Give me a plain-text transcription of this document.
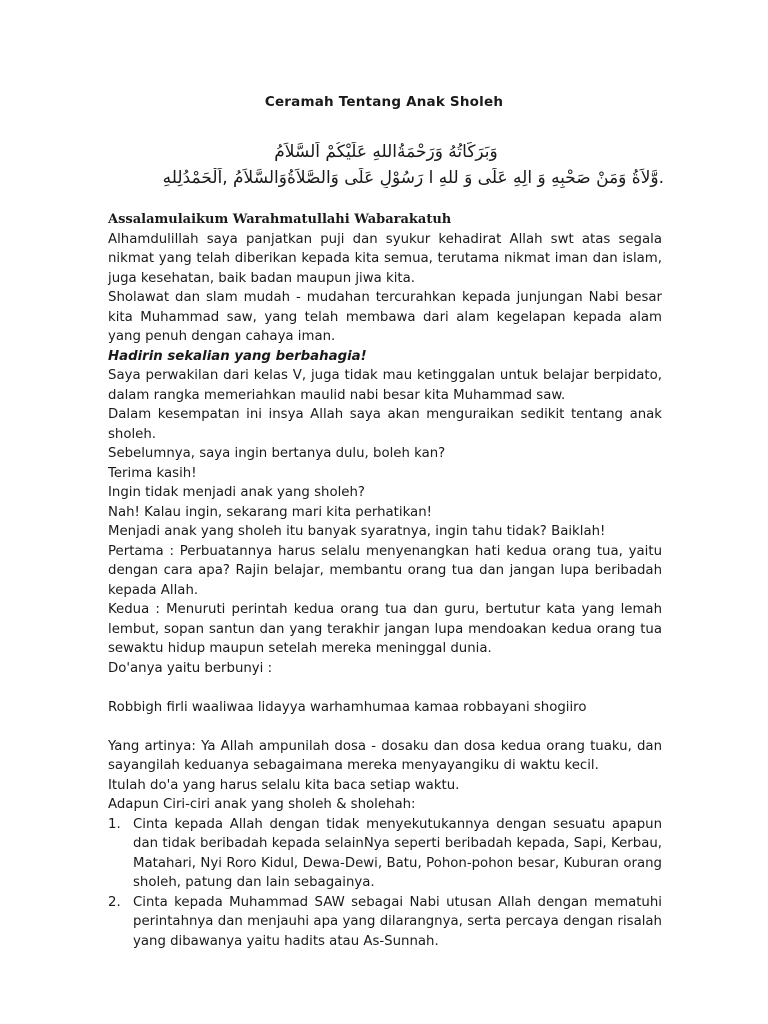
Ceramah Tentang Anak Sholeh
وَبَرَكَاتُهُ وَرَحْمَةُاللهِ عَلَيْكُمْ اَلسَّلاَمُ
.وَّلاَةُ وَمَنْ صَحْبِهِ وَ الِهِ عَلَى وَ للهِ ا رَسُوْلِ عَلَى وَالصَّلاَةُوَالسَّلاَمُ ,اَلْحَمْدُلِلهِ

Assalamulaikum Warahmatullahi Wabarakatuh

Alhamdulillah saya panjatkan puji dan syukur kehadirat Allah swt atas segala nikmat yang telah diberikan kepada kita semua, terutama nikmat iman dan islam, juga kesehatan, baik badan maupun jiwa kita.

Sholawat dan slam mudah - mudahan tercurahkan kepada junjungan Nabi besar kita Muhammad saw, yang telah membawa dari alam kegelapan kepada alam yang penuh dengan cahaya iman.

Hadirin sekalian yang berbahagia!

Saya perwakilan dari kelas V, juga tidak mau ketinggalan untuk belajar berpidato, dalam rangka memeriahkan maulid nabi besar kita Muhammad saw.

Dalam kesempatan ini insya Allah saya akan menguraikan sedikit tentang anak sholeh.

Sebelumnya, saya ingin bertanya dulu, boleh kan?

Terima kasih!

Ingin tidak menjadi anak yang sholeh?

Nah! Kalau ingin, sekarang mari kita perhatikan!

Menjadi anak yang sholeh itu banyak syaratnya, ingin tahu tidak? Baiklah!

Pertama : Perbuatannya harus selalu menyenangkan hati kedua orang tua, yaitu dengan cara apa? Rajin belajar, membantu orang tua dan jangan lupa beribadah kepada Allah.

Kedua : Menuruti perintah kedua orang tua dan guru, bertutur kata yang lemah lembut, sopan santun dan yang terakhir jangan lupa mendoakan kedua orang tua sewaktu hidup maupun setelah mereka meninggal dunia.

Do'anya yaitu berbunyi :

Robbigh firli waaliwaa lidayya warhamhumaa kamaa robbayani shogiiro

Yang artinya: Ya Allah ampunilah dosa - dosaku dan dosa kedua orang tuaku, dan sayangilah keduanya sebagaimana mereka menyayangiku di waktu kecil.

Itulah do'a yang harus selalu kita baca setiap waktu.

Adapun Ciri-ciri anak yang sholeh & sholehah:

1. Cinta kepada Allah dengan tidak menyekutukannya dengan sesuatu apapun dan tidak beribadah kepada selainNya seperti beribadah kepada, Sapi, Kerbau, Matahari, Nyi Roro Kidul, Dewa-Dewi, Batu, Pohon-pohon besar, Kuburan orang sholeh, patung dan lain sebagainya.
2. Cinta kepada Muhammad SAW sebagai Nabi utusan Allah dengan mematuhi perintahnya dan menjauhi apa yang dilarangnya, serta percaya dengan risalah yang dibawanya yaitu hadits atau As-Sunnah.
